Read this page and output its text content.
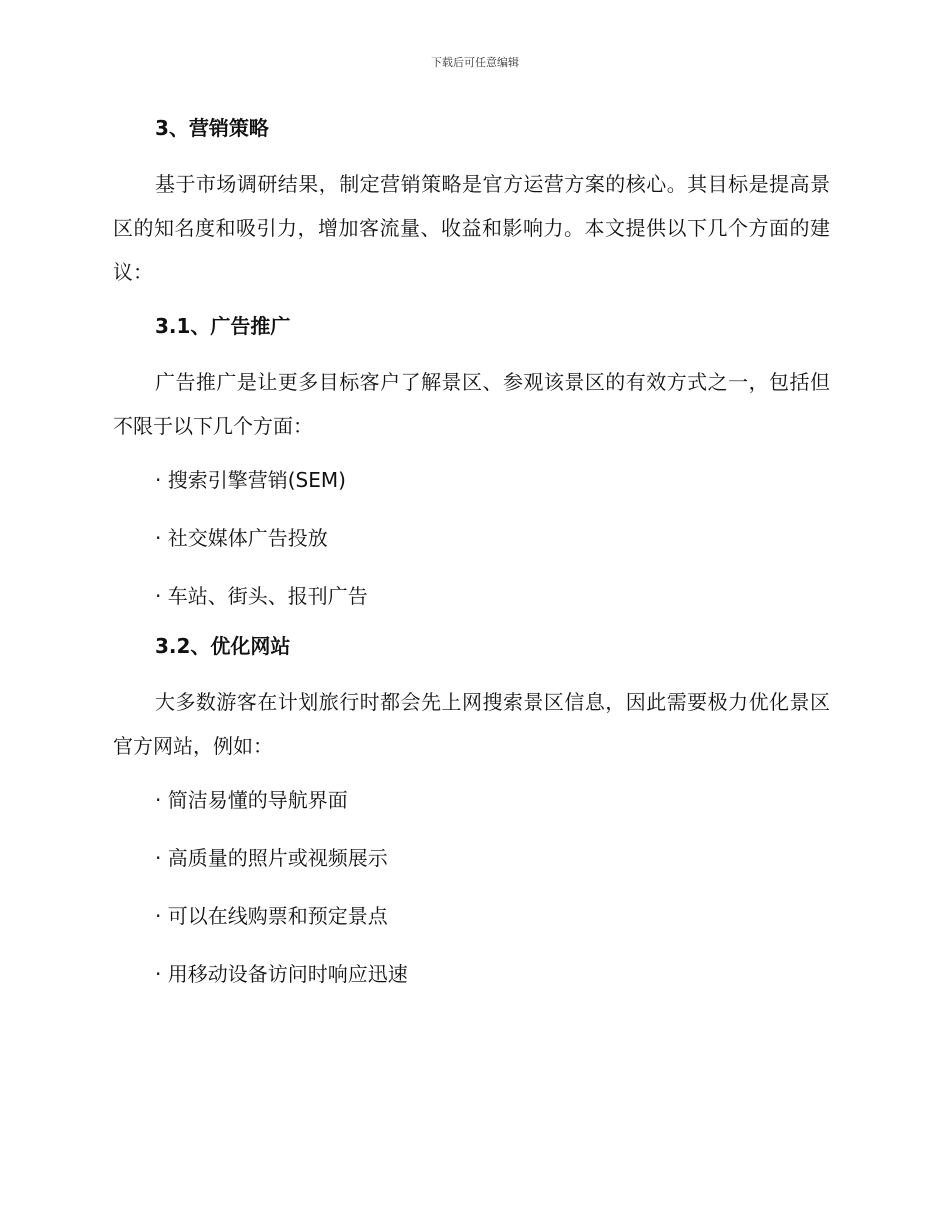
下载后可任意编辑

3、营销策略

基于市场调研结果，制定营销策略是官方运营方案的核心。其目标是提高景区的知名度和吸引力，增加客流量、收益和影响力。本文提供以下几个方面的建议：

3.1、广告推广

广告推广是让更多目标客户了解景区、参观该景区的有效方式之一，包括但不限于以下几个方面：

· 搜索引擎营销(SEM)

· 社交媒体广告投放

· 车站、街头、报刊广告

3.2、优化网站

大多数游客在计划旅行时都会先上网搜索景区信息，因此需要极力优化景区官方网站，例如：

· 简洁易懂的导航界面

· 高质量的照片或视频展示

· 可以在线购票和预定景点

· 用移动设备访问时响应迅速
